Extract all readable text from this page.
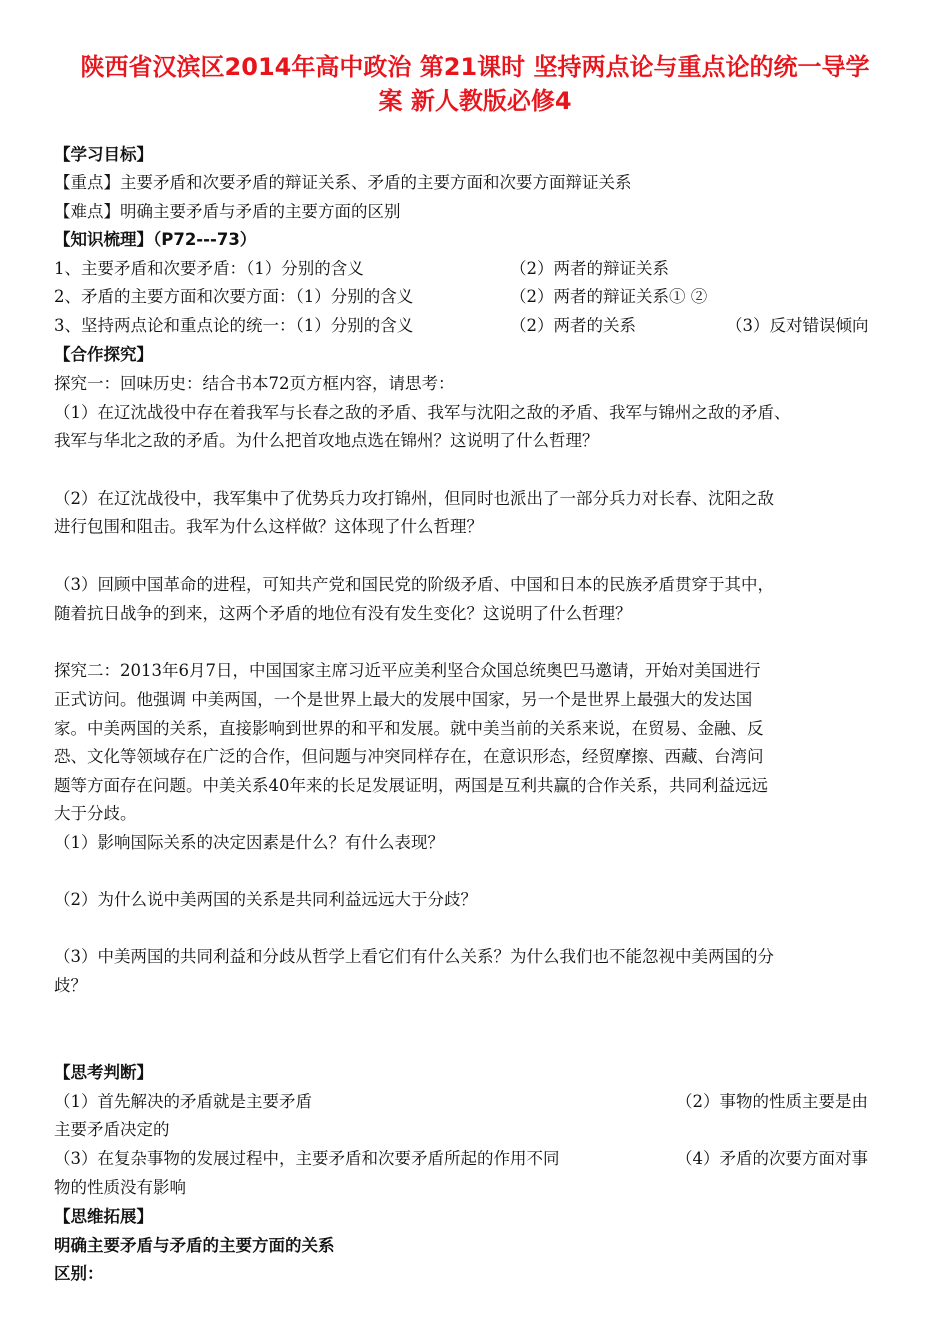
陕西省汉滨区2014年高中政治 第21课时 坚持两点论与重点论的统一导学
案 新人教版必修4
【学习目标】
【重点】主要矛盾和次要矛盾的辩证关系、矛盾的主要方面和次要方面辩证关系
【难点】明确主要矛盾与矛盾的主要方面的区别
【知识梳理】（P72---73）
1、主要矛盾和次要矛盾：（1）分别的含义	（2）两者的辩证关系
2、矛盾的主要方面和次要方面：（1）分别的含义	（2）两者的辩证关系① ②
3、坚持两点论和重点论的统一：（1）分别的含义	（2）两者的关系	（3）反对错误倾向
【合作探究】
探究一：回味历史：结合书本72页方框内容，请思考：
（1）在辽沈战役中存在着我军与长春之敌的矛盾、我军与沈阳之敌的矛盾、我军与锦州之敌的矛盾、
我军与华北之敌的矛盾。为什么把首攻地点选在锦州？这说明了什么哲理？
（2）在辽沈战役中，我军集中了优势兵力攻打锦州，但同时也派出了一部分兵力对长春、沈阳之敌
进行包围和阻击。我军为什么这样做？这体现了什么哲理？
（3）回顾中国革命的进程，可知共产党和国民党的阶级矛盾、中国和日本的民族矛盾贯穿于其中，
随着抗日战争的到来，这两个矛盾的地位有没有发生变化？这说明了什么哲理？
探究二：2013年6月7日，中国国家主席习近平应美利坚合众国总统奥巴马邀请，开始对美国进行
正式访问。他强调 中美两国，一个是世界上最大的发展中国家，另一个是世界上最强大的发达国
家。中美两国的关系，直接影响到世界的和平和发展。就中美当前的关系来说，在贸易、金融、反
恐、文化等领域存在广泛的合作，但问题与冲突同样存在，在意识形态，经贸摩擦、西藏、台湾问
题等方面存在问题。中美关系40年来的长足发展证明，两国是互利共赢的合作关系，共同利益远远
大于分歧。
（1）影响国际关系的决定因素是什么？有什么表现？
（2）为什么说中美两国的关系是共同利益远远大于分歧？
（3）中美两国的共同利益和分歧从哲学上看它们有什么关系？为什么我们也不能忽视中美两国的分
歧？
【思考判断】
（1）首先解决的矛盾就是主要矛盾	（2）事物的性质主要是由
主要矛盾决定的
（3）在复杂事物的发展过程中，主要矛盾和次要矛盾所起的作用不同	（4）矛盾的次要方面对事
物的性质没有影响
【思维拓展】
明确主要矛盾与矛盾的主要方面的关系
区别：
